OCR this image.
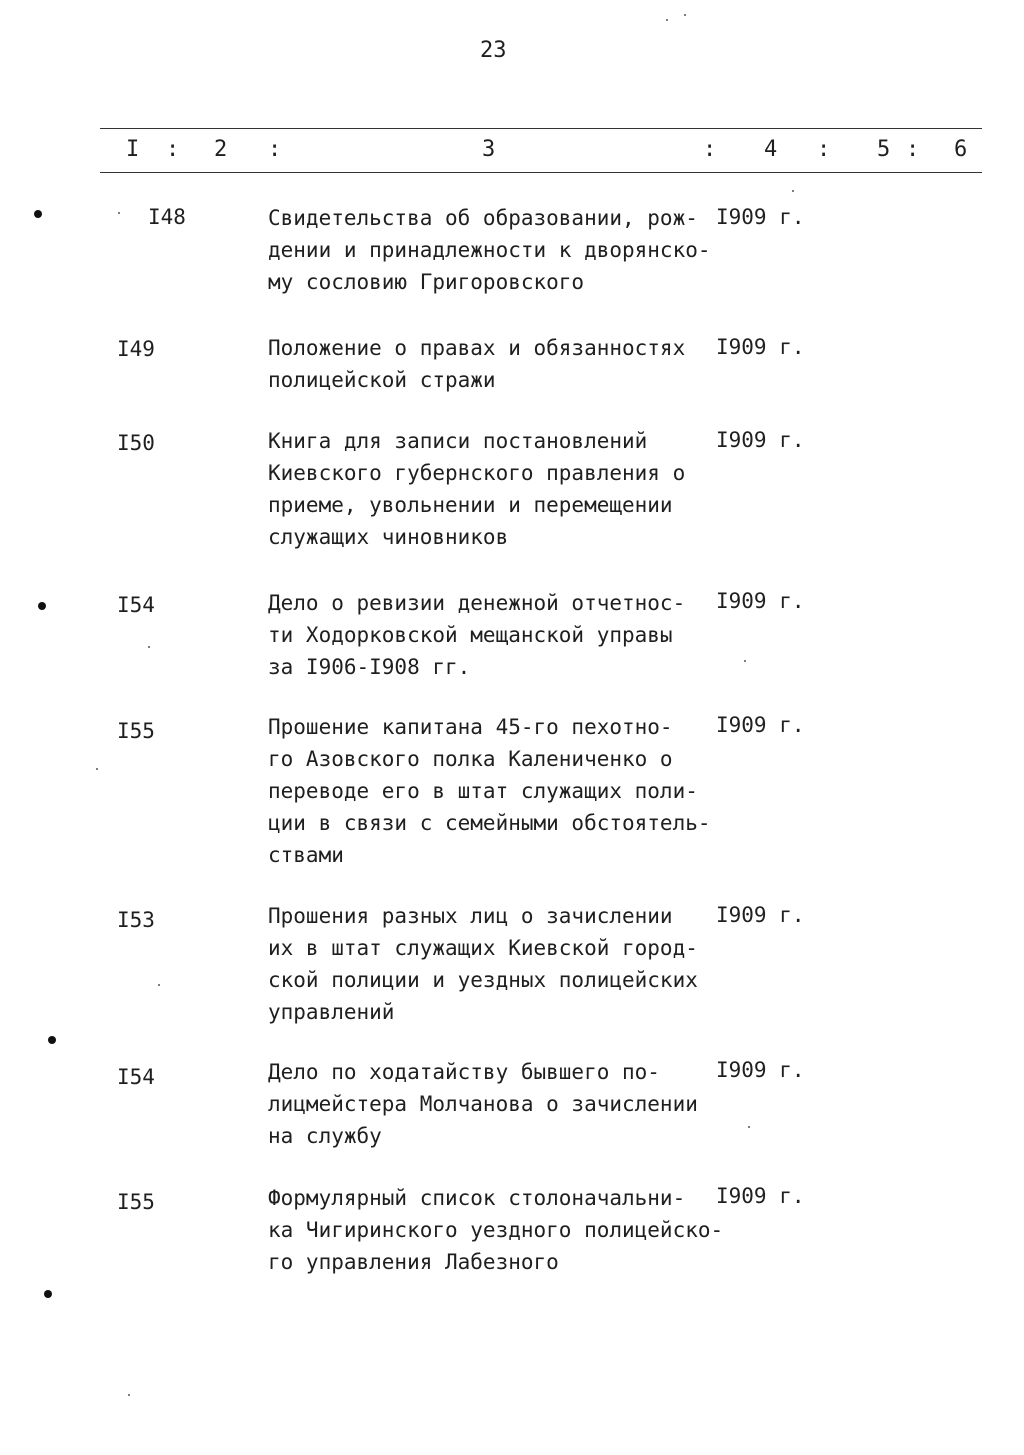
23
I : 2 :	3	: 4 : 5 : 6
I48	Свидетельства об образовании, рож-
дении и принадлежности к дворянско-
му сословию Григоровского
I909 г.
I49	Положение о правах и обязанностях
полицейской стражи
I909 г.
I50	Книга для записи постановлений
Киевского губернского правления о
приеме, увольнении и перемещении
служащих чиновников
I909 г.
I54	Дело о ревизии денежной отчетнос-
ти Ходорковской мещанской управы
за I906-I908 гг.
I909 г.
I55	Прошение капитана 45-го пехотно-
го Азовского полка Калениченко о
переводе его в штат служащих поли-
ции в связи с семейными обстоятель-
ствами
I909 г.
I53	Прошения разных лиц о зачислении
их в штат служащих Киевской город-
ской полиции и уездных полицейских
управлений
I909 г.
I54	Дело по ходатайству бывшего по-
лицмейстера Молчанова о зачислении
на службу
I909 г.
I55	Формулярный список столоначальни-
ка Чигиринского уездного полицейско-
го управления Лабезного
I909 г.
